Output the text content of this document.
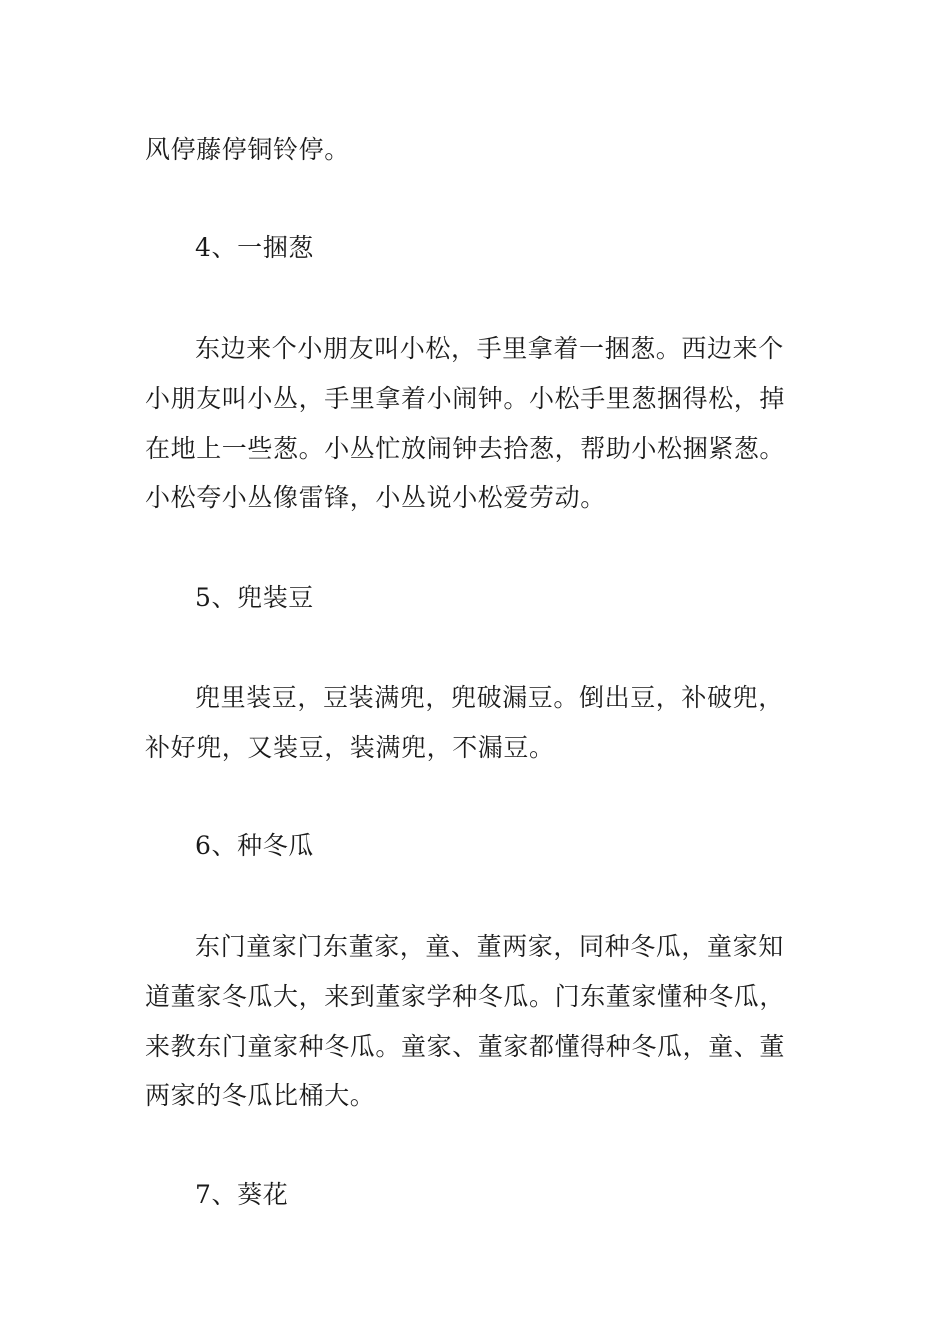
风停藤停铜铃停。
4、一捆葱
东边来个小朋友叫小松，手里拿着一捆葱。西边来个
小朋友叫小丛，手里拿着小闹钟。小松手里葱捆得松，掉
在地上一些葱。小丛忙放闹钟去拾葱，帮助小松捆紧葱。
小松夸小丛像雷锋，小丛说小松爱劳动。
5、兜装豆
兜里装豆，豆装满兜，兜破漏豆。倒出豆，补破兜，
补好兜，又装豆，装满兜，不漏豆。
6、种冬瓜
东门童家门东董家，童、董两家，同种冬瓜，童家知
道董家冬瓜大，来到董家学种冬瓜。门东董家懂种冬瓜，
来教东门童家种冬瓜。童家、董家都懂得种冬瓜，童、董
两家的冬瓜比桶大。
7、葵花
